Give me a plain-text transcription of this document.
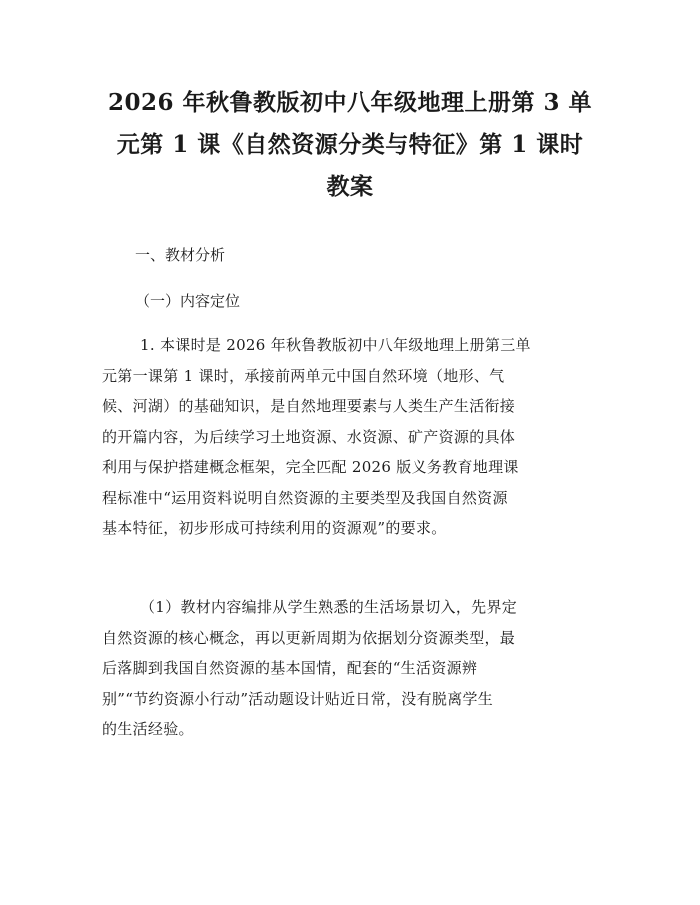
2026 年秋鲁教版初中八年级地理上册第 3 单
元第 1 课《自然资源分类与特征》第 1 课时
教案

一、教材分析

（一）内容定位

1. 本课时是 2026 年秋鲁教版初中八年级地理上册第三单
元第一课第 1 课时，承接前两单元中国自然环境（地形、气
候、河湖）的基础知识，是自然地理要素与人类生产生活衔接
的开篇内容，为后续学习土地资源、水资源、矿产资源的具体
利用与保护搭建概念框架，完全匹配 2026 版义务教育地理课
程标准中“运用资料说明自然资源的主要类型及我国自然资源
基本特征，初步形成可持续利用的资源观”的要求。
（1）教材内容编排从学生熟悉的生活场景切入，先界定
自然资源的核心概念，再以更新周期为依据划分资源类型，最
后落脚到我国自然资源的基本国情，配套的“生活资源辨
别”“节约资源小行动”活动题设计贴近日常，没有脱离学生
的生活经验。
